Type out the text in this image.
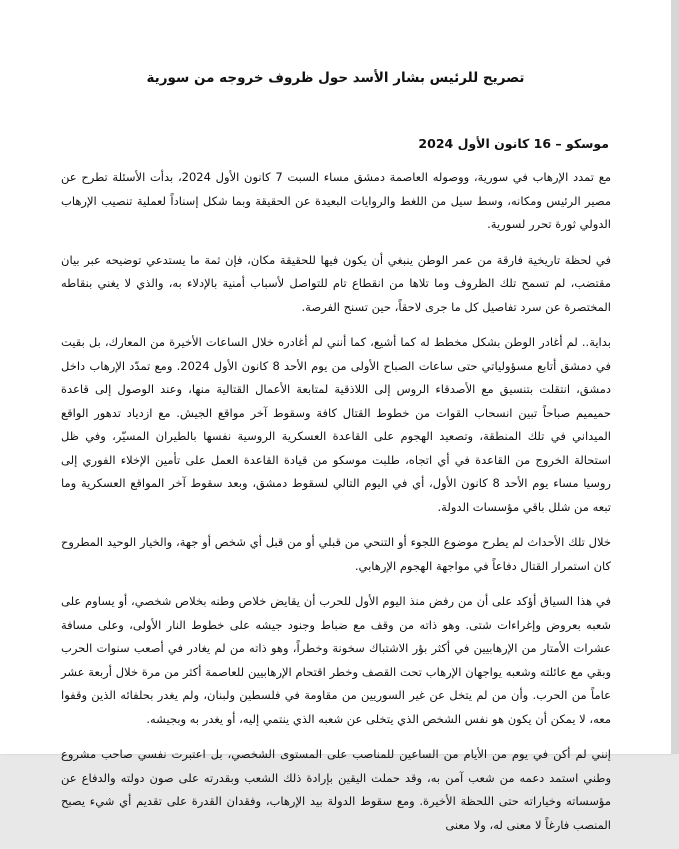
تصريح للرئيس بشار الأسد حول ظروف خروجه من سورية
موسكو – 16 كانون الأول 2024

مع تمدد الإرهاب في سورية، ووصوله العاصمة دمشق مساء السبت 7 كانون الأول 2024، بدأت الأسئلة تطرح عن مصير الرئيس ومكانه، وسط سيل من اللغط والروايات البعيدة عن الحقيقة وبما شكل إسناداً لعملية تنصيب الإرهاب الدولي ثورة تحرر لسورية.

في لحظة تاريخية فارقة من عمر الوطن ينبغي أن يكون فيها للحقيقة مكان، فإن ثمة ما يستدعي توضيحه عبر بيان مقتضب، لم تسمح تلك الظروف وما تلاها من انقطاع تام للتواصل لأسباب أمنية بالإدلاء به، والذي لا يغني بنقاطه المختصرة عن سرد تفاصيل كل ما جرى لاحقاً، حين تسنح الفرصة.

بداية.. لم أغادر الوطن بشكل مخطط له كما أشيع، كما أنني لم أغادره خلال الساعات الأخيرة من المعارك، بل بقيت في دمشق أتابع مسؤولياتي حتى ساعات الصباح الأولى من يوم الأحد 8 كانون الأول 2024. ومع تمدّد الإرهاب داخل دمشق، انتقلت بتنسيق مع الأصدقاء الروس إلى اللاذقية لمتابعة الأعمال القتالية منها، وعند الوصول إلى قاعدة حميميم صباحاً تبين انسحاب القوات من خطوط القتال كافة وسقوط آخر مواقع الجيش. مع ازدياد تدهور الواقع الميداني في تلك المنطقة، وتصعيد الهجوم على القاعدة العسكرية الروسية نفسها بالطيران المسيّر، وفي ظل استحالة الخروج من القاعدة في أي اتجاه، طلبت موسكو من قيادة القاعدة العمل على تأمين الإخلاء الفوري إلى روسيا مساء يوم الأحد 8 كانون الأول، أي في اليوم التالي لسقوط دمشق، وبعد سقوط آخر المواقع العسكرية وما تبعه من شلل باقي مؤسسات الدولة.

خلال تلك الأحداث لم يطرح موضوع اللجوء أو التنحي من قبلي أو من قبل أي شخص أو جهة، والخيار الوحيد المطروح كان استمرار القتال دفاعاً في مواجهة الهجوم الإرهابي.

في هذا السياق أؤكد على أن من رفض منذ اليوم الأول للحرب أن يقايض خلاص وطنه بخلاص شخصي، أو يساوم على شعبه بعروض وإغراءات شتى. وهو ذاته من وقف مع ضباط وجنود جيشه على خطوط النار الأولى، وعلى مسافة عشرات الأمتار من الإرهابيين في أكثر بؤر الاشتباك سخونة وخطراً، وهو ذاته من لم يغادر في أصعب سنوات الحرب وبقي مع عائلته وشعبه يواجهان الإرهاب تحت القصف وخطر اقتحام الإرهابيين للعاصمة أكثر من مرة خلال أربعة عشر عاماً من الحرب. وأن من لم يتخل عن غير السوريين من مقاومة في فلسطين ولبنان، ولم يغدر بحلفائه الذين وقفوا معه، لا يمكن أن يكون هو نفس الشخص الذي يتخلى عن شعبه الذي ينتمي إليه، أو يغدر به وبجيشه.

إنني لم أكن في يوم من الأيام من الساعين للمناصب على المستوى الشخصي، بل اعتبرت نفسي صاحب مشروع وطني استمد دعمه من شعب آمن به، وقد حملت اليقين بإرادة ذلك الشعب وبقدرته على صون دولته والدفاع عن مؤسساته وخياراته حتى اللحظة الأخيرة. ومع سقوط الدولة بيد الإرهاب، وفقدان القدرة على تقديم أي شيء يصبح المنصب فارغاً لا معنى له، ولا معنى
